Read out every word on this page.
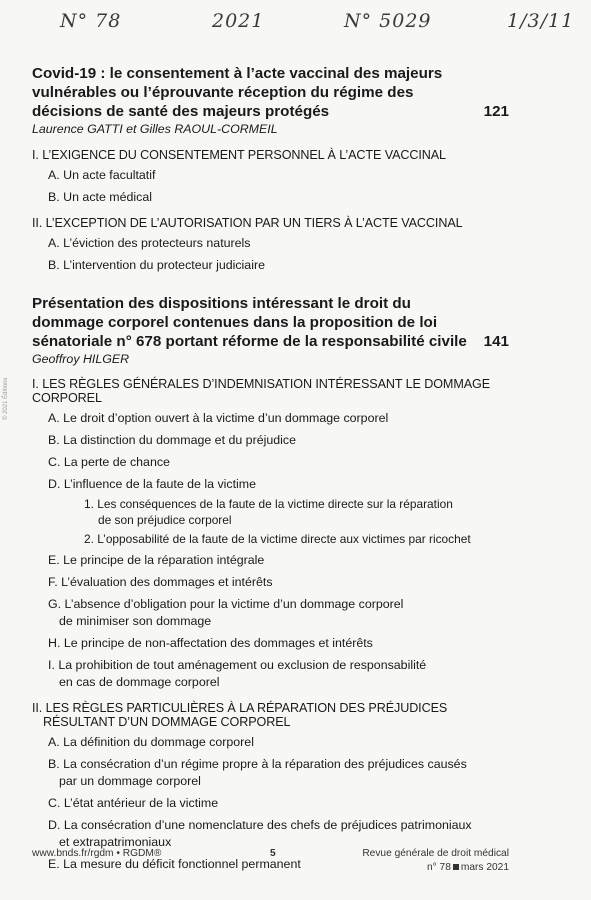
N° 78	2021	N° 5029	1/3/11
© 2021 Éditions
Covid-19 : le consentement à l’acte vaccinal des majeurs vulnérables ou l’éprouvante réception du régime des décisions de santé des majeurs protégés	121
Laurence GATTI et Gilles RAOUL-CORMEIL
I. L’EXIGENCE DU CONSENTEMENT PERSONNEL À L’ACTE VACCINAL
A. Un acte facultatif
B. Un acte médical
II. L’EXCEPTION DE L’AUTORISATION PAR UN TIERS À L’ACTE VACCINAL
A. L’éviction des protecteurs naturels
B. L’intervention du protecteur judiciaire
Présentation des dispositions intéressant le droit du dommage corporel contenues dans la proposition de loi sénatoriale n° 678 portant réforme de la responsabilité civile 141
Geoffroy HILGER
I. LES RÈGLES GÉNÉRALES D’INDEMNISATION INTÉRESSANT LE DOMMAGE CORPOREL
A. Le droit d’option ouvert à la victime d’un dommage corporel
B. La distinction du dommage et du préjudice
C. La perte de chance
D. L’influence de la faute de la victime
1. Les conséquences de la faute de la victime directe sur la réparation
de son préjudice corporel
2. L’opposabilité de la faute de la victime directe aux victimes par ricochet
E. Le principe de la réparation intégrale
F. L’évaluation des dommages et intérêts
G. L’absence d’obligation pour la victime d’un dommage corporel
de minimiser son dommage
H. Le principe de non-affectation des dommages et intérêts
I. La prohibition de tout aménagement ou exclusion de responsabilité
en cas de dommage corporel
II. LES RÈGLES PARTICULIÈRES À LA RÉPARATION DES PRÉJUDICES
RÉSULTANT D’UN DOMMAGE CORPOREL
A. La définition du dommage corporel
B. La consécration d’un régime propre à la réparation des préjudices causés
par un dommage corporel
C. L’état antérieur de la victime
D. La consécration d’une nomenclature des chefs de préjudices patrimoniaux
et extrapatrimoniaux
E. La mesure du déficit fonctionnel permanent
www.bnds.fr/rgdm • RGDM®	5	Revue générale de droit médical
n° 78 mars 2021
